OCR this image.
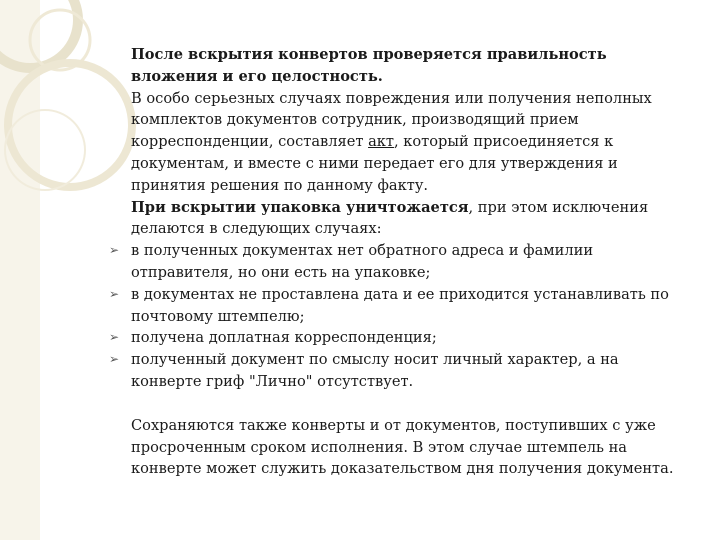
После вскрытия конвертов проверяется правильность вложения и его целостность.

В особо серьезных случаях повреждения или получения неполных комплектов документов сотрудник, производящий прием корреспонденции, составляет акт, который присоединяется к документам, и вместе с ними передает его для утверждения и принятия решения по данному факту.

При вскрытии упаковка уничтожается, при этом исключения делаются в следующих случаях:

➢ в полученных документах нет обратного адреса и фамилии отправителя, но они есть на упаковке;
➢ в документах не проставлена дата и ее приходится устанавливать по почтовому штемпелю;
➢ получена доплатная корреспонденция;
➢ полученный документ по смыслу носит личный характер, а на конверте гриф "Лично" отсутствует.

Сохраняются также конверты и от документов, поступивших с уже просроченным сроком исполнения. В этом случае штемпель на конверте может служить доказательством дня получения документа.
